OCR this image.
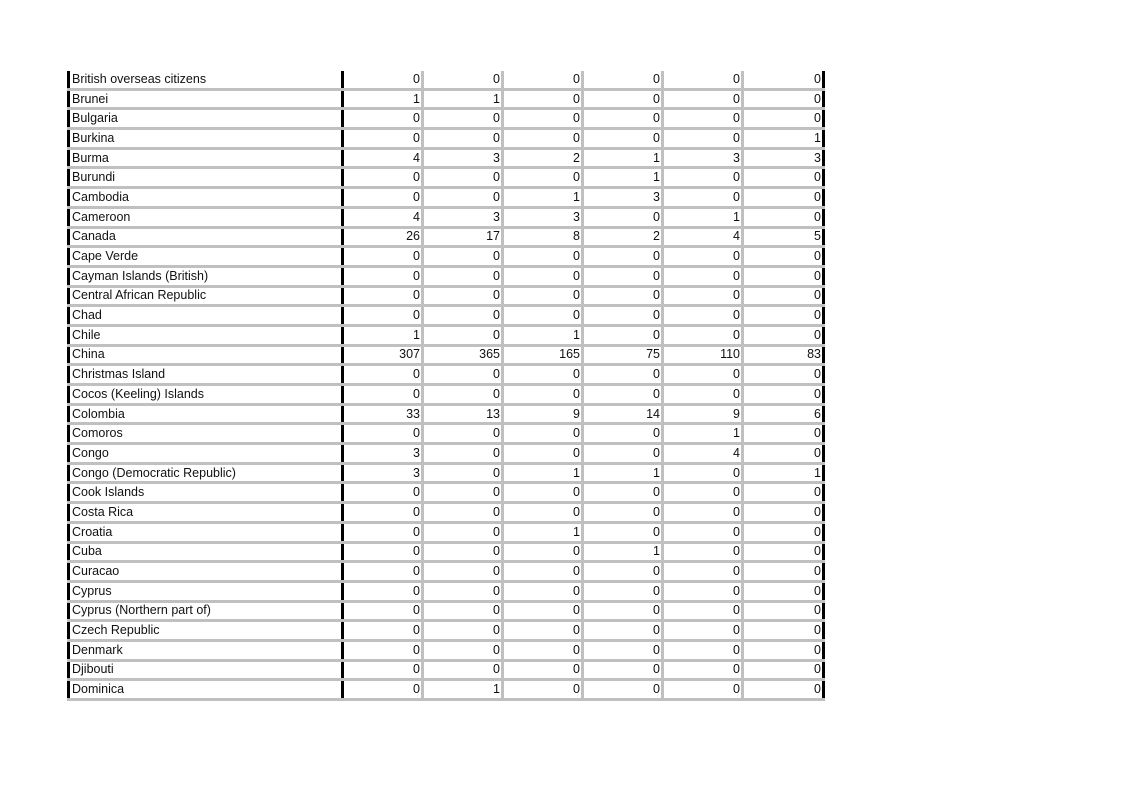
British overseas citizens	0	0	0	0	0	0
Brunei	1	1	0	0	0	0
Bulgaria	0	0	0	0	0	0
Burkina	0	0	0	0	0	1
Burma	4	3	2	1	3	3
Burundi	0	0	0	1	0	0
Cambodia	0	0	1	3	0	0
Cameroon	4	3	3	0	1	0
Canada	26	17	8	2	4	5
Cape Verde	0	0	0	0	0	0
Cayman Islands (British)	0	0	0	0	0	0
Central African Republic	0	0	0	0	0	0
Chad	0	0	0	0	0	0
Chile	1	0	1	0	0	0
China	307	365	165	75	110	83
Christmas Island	0	0	0	0	0	0
Cocos (Keeling) Islands	0	0	0	0	0	0
Colombia	33	13	9	14	9	6
Comoros	0	0	0	0	1	0
Congo	3	0	0	0	4	0
Congo (Democratic Republic)	3	0	1	1	0	1
Cook Islands	0	0	0	0	0	0
Costa Rica	0	0	0	0	0	0
Croatia	0	0	1	0	0	0
Cuba	0	0	0	1	0	0
Curacao	0	0	0	0	0	0
Cyprus	0	0	0	0	0	0
Cyprus (Northern part of)	0	0	0	0	0	0
Czech Republic	0	0	0	0	0	0
Denmark	0	0	0	0	0	0
Djibouti	0	0	0	0	0	0
Dominica	0	1	0	0	0	0
